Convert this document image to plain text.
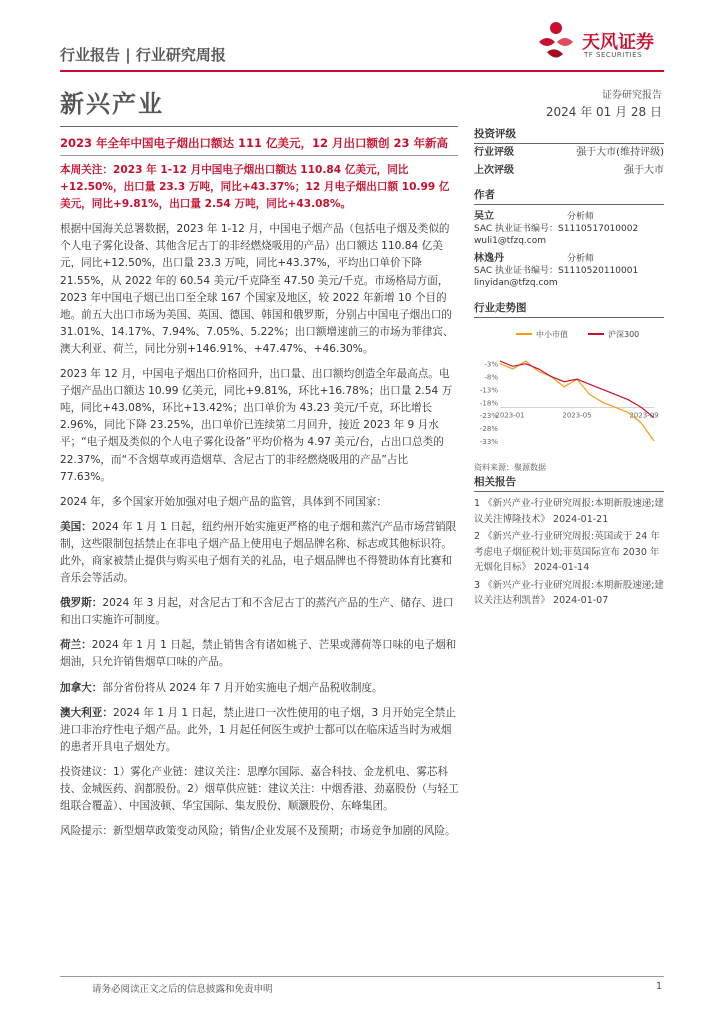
行业报告 | 行业研究周报
天风证券
TF SECURITIES
新兴产业	证券研究报告
2024 年 01 月 28 日
2023 年全年中国电子烟出口额达 111 亿美元，12 月出口额创 23 年新高

本周关注：2023 年 1-12 月中国电子烟出口额达 110.84 亿美元，同比+12.50%，出口量 23.3 万吨，同比+43.37%；12 月电子烟出口额 10.99 亿美元，同比+9.81%，出口量 2.54 万吨，同比+43.08%。

根据中国海关总署数据，2023 年 1-12 月，中国电子烟产品（包括电子烟及类似的个人电子雾化设备、其他含尼古丁的非经燃烧吸用的产品）出口额达 110.84 亿美元，同比+12.50%，出口量 23.3 万吨，同比+43.37%，平均出口单价下降 21.55%，从 2022 年的 60.54 美元/千克降至 47.50 美元/千克。市场格局方面，2023 年中国电子烟已出口至全球 167 个国家及地区，较 2022 年新增 10 个目的地。前五大出口市场为美国、英国、德国、韩国和俄罗斯，分别占中国电子烟出口的 31.01%、14.17%、7.94%、7.05%、5.22%；出口额增速前三的市场为菲律宾、澳大利亚、荷兰，同比分别+146.91%、+47.47%、+46.30%。

2023 年 12 月，中国电子烟出口价格回升，出口量、出口额均创造全年最高点。电子烟产品出口额达 10.99 亿美元，同比+9.81%，环比+16.78%；出口量 2.54 万吨，同比+43.08%，环比+13.42%；出口单价为 43.23 美元/千克，环比增长 2.96%，同比下降 23.25%，出口单价已连续第二月回升，接近 2023 年 9 月水平；“电子烟及类似的个人电子雾化设备”平均价格为 4.97 美元/台，占出口总类的 22.37%，而“不含烟草或再造烟草、含尼古丁的非经燃烧吸用的产品”占比 77.63%。

2024 年，多个国家开始加强对电子烟产品的监管，具体到不同国家：

美国：2024 年 1 月 1 日起，纽约州开始实施更严格的电子烟和蒸汽产品市场营销限制，这些限制包括禁止在非电子烟产品上使用电子烟品牌名称、标志或其他标识符。此外，商家被禁止提供与购买电子烟有关的礼品，电子烟品牌也不得赞助体育比赛和音乐会等活动。

俄罗斯：2024 年 3 月起，对含尼古丁和不含尼古丁的蒸汽产品的生产、储存、进口和出口实施许可制度。

荷兰：2024 年 1 月 1 日起，禁止销售含有诸如桃子、芒果或薄荷等口味的电子烟和烟油，只允许销售烟草口味的产品。

加拿大：部分省份将从 2024 年 7 月开始实施电子烟产品税收制度。

澳大利亚：2024 年 1 月 1 日起，禁止进口一次性使用的电子烟，3 月开始完全禁止进口非治疗性电子烟产品。此外，1 月起任何医生或护士都可以在临床适当时为戒烟的患者开具电子烟处方。

投资建议：1）雾化产业链：建议关注：思摩尔国际、嘉合科技、金龙机电、雾芯科技、金城医药、润都股份。2）烟草供应链：建议关注：中烟香港、劲嘉股份（与轻工组联合覆盖）、中国波顿、华宝国际、集友股份、顺灏股份、东峰集团。

风险提示：新型烟草政策变动风险；销售/企业发展不及预期；市场竞争加剧的风险。

投资评级
行业评级	强于大市(维持评级)
上次评级	强于大市
作者
吴立	分析师
SAC 执业证书编号：S1110517010002
wuli1@tfzq.com
林逸丹	分析师
SAC 执业证书编号：S1110520110001
linyidan@tfzq.com
行业走势图
中小市值	沪深300
-3%
-8%
-13%
-18%
-23%
-28%
-33%
2023-01	2023-05	2023-09
资料来源：聚源数据
相关报告
1 《新兴产业-行业研究周报:本期新股速递;建议关注博隆技术》 2024-01-21
2 《新兴产业-行业研究周报:英国或于 24 年考虑电子烟征税计划;菲莫国际宣布 2030 年无烟化目标》 2024-01-14
3 《新兴产业-行业研究周报:本期新股速递;建议关注达利凯普》 2024-01-07
请务必阅读正文之后的信息披露和免责申明	1
